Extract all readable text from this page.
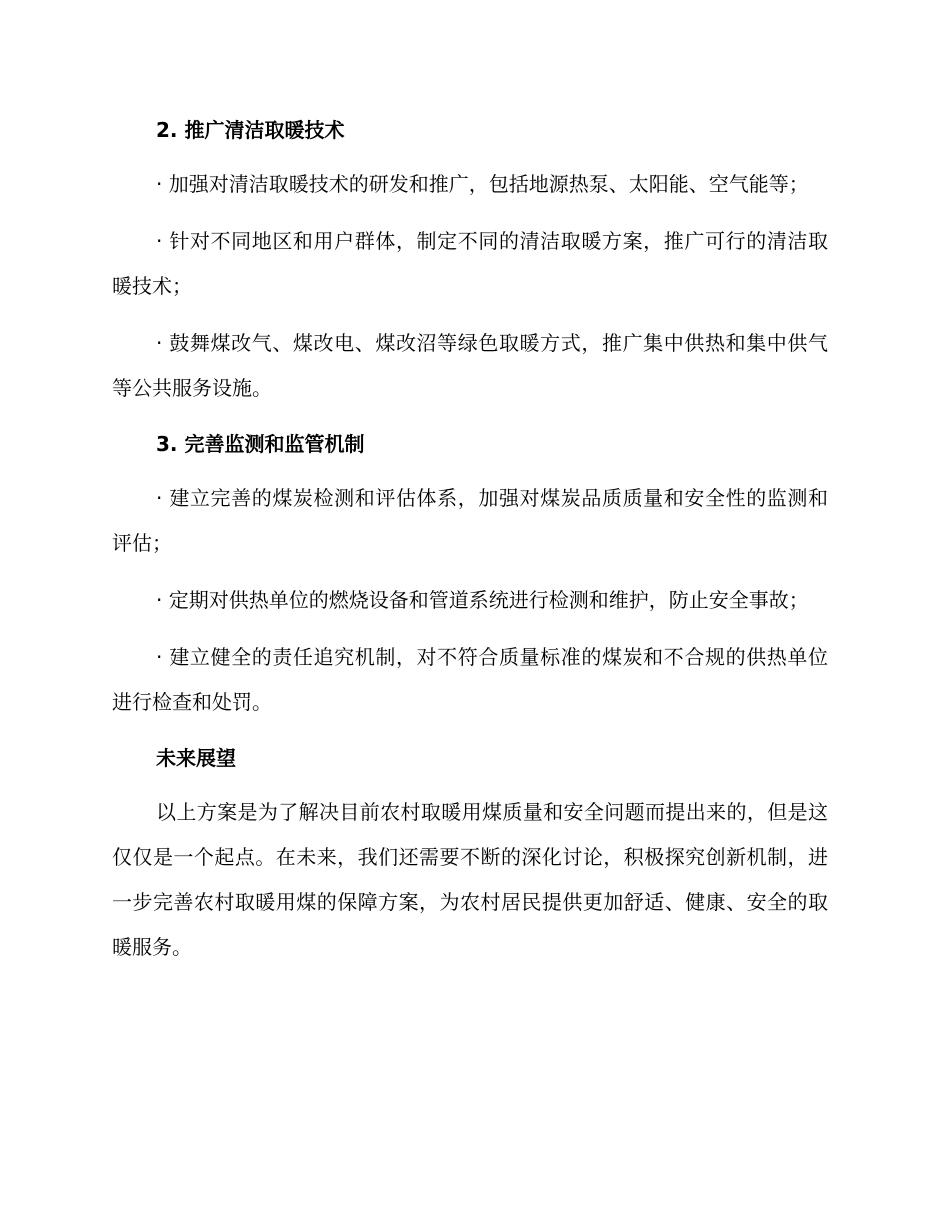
2. 推广清洁取暖技术
· 加强对清洁取暖技术的研发和推广，包括地源热泵、太阳能、空气能等；
· 针对不同地区和用户群体，制定不同的清洁取暖方案，推广可行的清洁取暖技术；
· 鼓舞煤改气、煤改电、煤改沼等绿色取暖方式，推广集中供热和集中供气等公共服务设施。
3. 完善监测和监管机制
· 建立完善的煤炭检测和评估体系，加强对煤炭品质质量和安全性的监测和评估；
· 定期对供热单位的燃烧设备和管道系统进行检测和维护，防止安全事故；
· 建立健全的责任追究机制，对不符合质量标准的煤炭和不合规的供热单位进行检查和处罚。
未来展望
以上方案是为了解决目前农村取暖用煤质量和安全问题而提出来的，但是这仅仅是一个起点。在未来，我们还需要不断的深化讨论，积极探究创新机制，进一步完善农村取暖用煤的保障方案，为农村居民提供更加舒适、健康、安全的取暖服务。
